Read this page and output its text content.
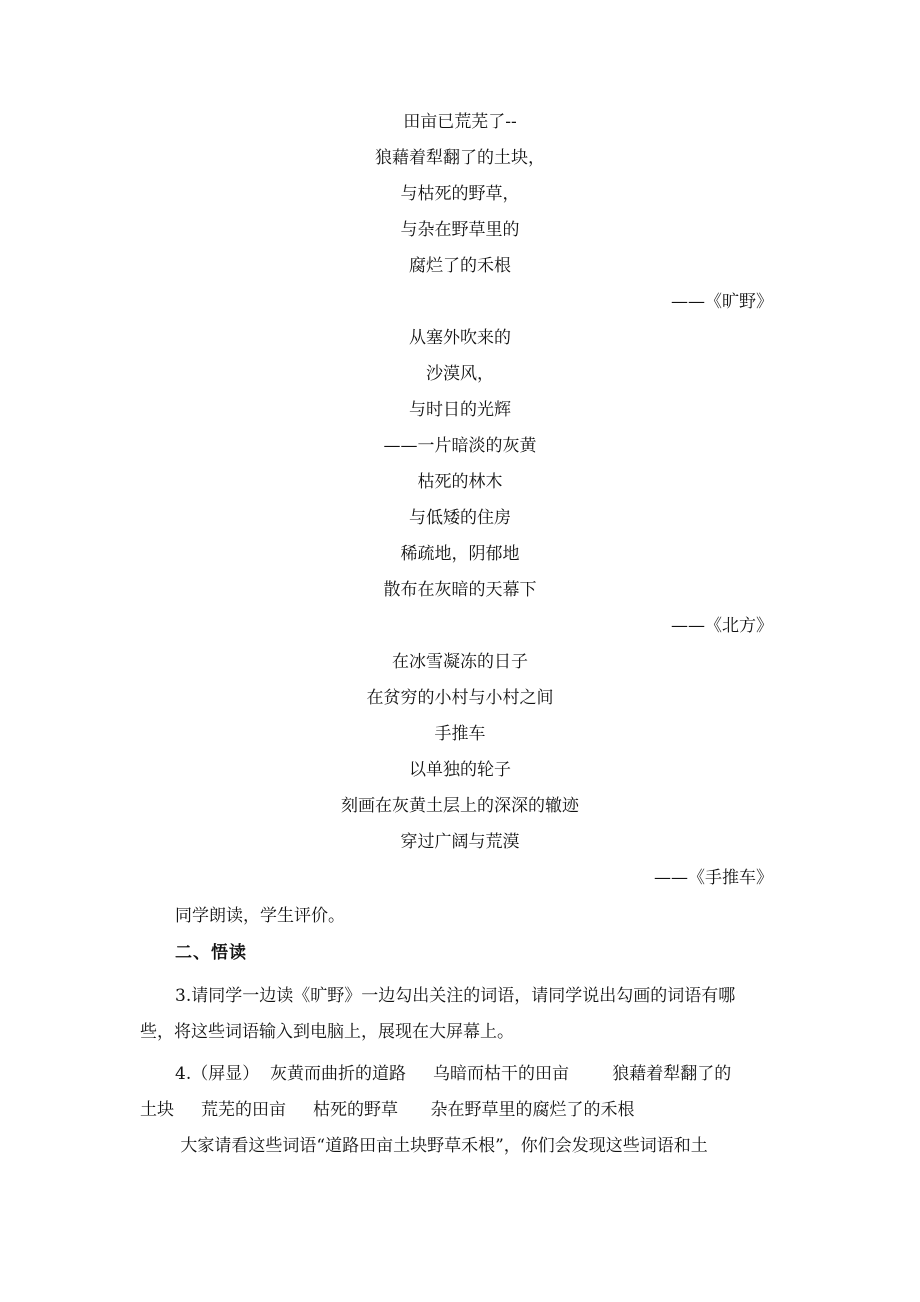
田亩已荒芜了--
狼藉着犁翻了的土块，
与枯死的野草，
与杂在野草里的
腐烂了的禾根
——《旷野》
从塞外吹来的
沙漠风，
与时日的光辉
——一片暗淡的灰黄
枯死的林木
与低矮的住房
稀疏地，阴郁地
散布在灰暗的天幕下
——《北方》
在冰雪凝冻的日子
在贫穷的小村与小村之间
手推车
以单独的轮子
刻画在灰黄土层上的深深的辙迹
穿过广阔与荒漠
——《手推车》
同学朗读，学生评价。
二、悟读
3.请同学一边读《旷野》一边勾出关注的词语，请同学说出勾画的词语有哪
些，将这些词语输入到电脑上，展现在大屏幕上。
4.（屏显）  灰黄而曲折的道路     乌暗而枯干的田亩        狼藉着犁翻了的
土块     荒芜的田亩     枯死的野草      杂在野草里的腐烂了的禾根
大家请看这些词语“道路田亩土块野草禾根”，你们会发现这些词语和土
